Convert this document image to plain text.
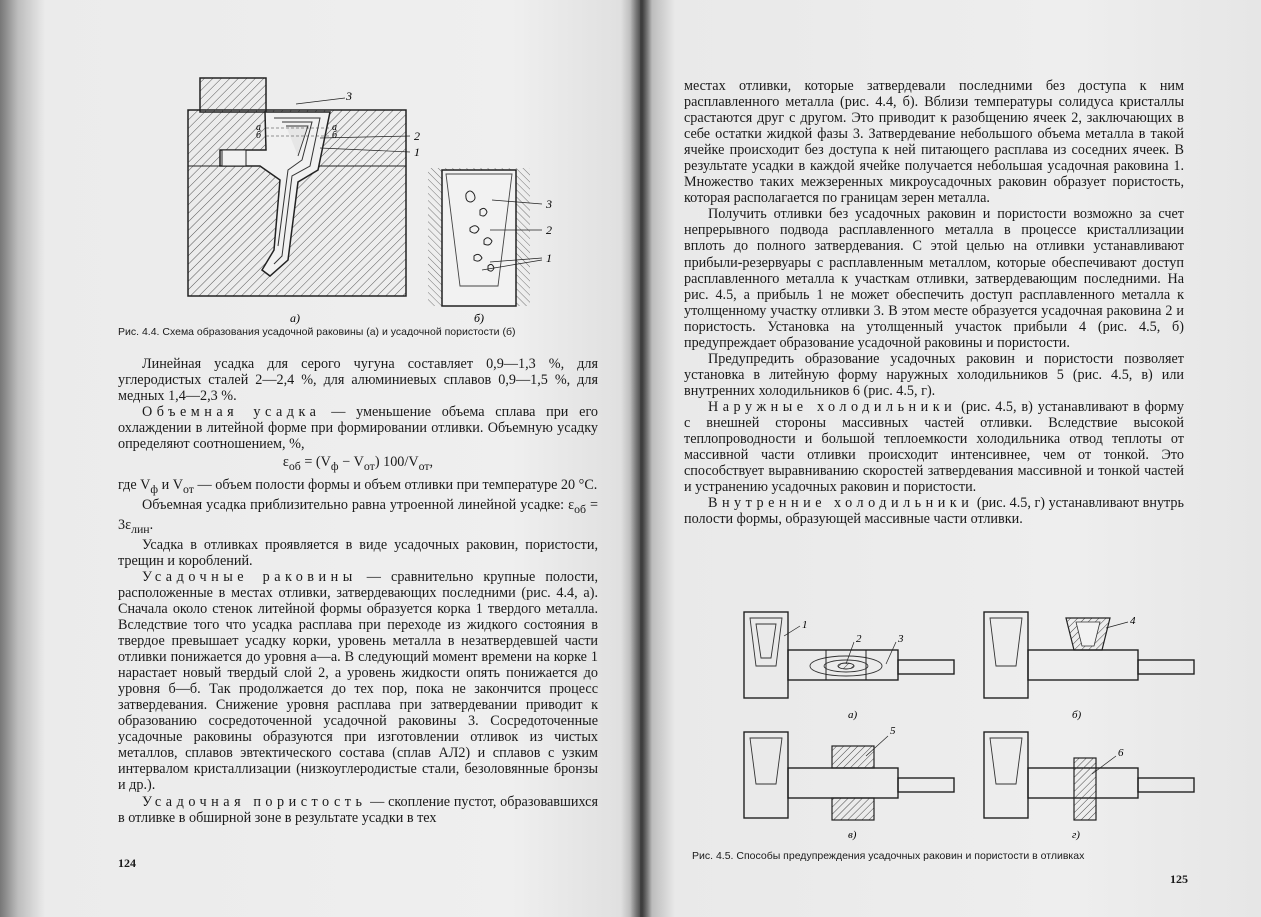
3
а
б
а
б	2
1
3
2
1
а)	б)
Рис. 4.4. Схема образования усадочной раковины (а) и усадочной пористости (б)

Линейная усадка для серого чугуна составляет 0,9—1,3 %, для углеродистых сталей 2—2,4 %, для алюминиевых сплавов 0,9—1,5 %, для медных 1,4—2,3 %.

Объемная усадка — уменьшение объема сплава при его охлаждении в литейной форме при формировании отливки. Объемную усадку определяют соотношением, %,

$\varepsilon_{об} = (V_ф - V_{от})$ $100/V_{от}$,

где $V_ф$ и $V_{от}$ — объем полости формы и объем отливки при температуре 20 °C.

Объемная усадка приблизительно равна утроенной линейной усадке: $\varepsilon_{об} = 3\varepsilon_{лин}$.

Усадка в отливках проявляется в виде усадочных раковин, пористости, трещин и короблений.

Усадочные раковины — сравнительно крупные полости, расположенные в местах отливки, затвердевающих последними (рис. 4.4, а). Сначала около стенок литейной формы образуется корка 1 твердого металла. Вследствие того что усадка расплава при переходе из жидкого состояния в твердое превышает усадку корки, уровень металла в незатвердевшей части отливки понижается до уровня а—а. В следующий момент времени на корке 1 нарастает новый твердый слой 2, а уровень жидкости опять понижается до уровня б—б. Так продолжается до тех пор, пока не закончится процесс затвердевания. Снижение уровня расплава при затвердевании приводит к образованию сосредоточенной усадочной раковины 3. Сосредоточенные усадочные раковины образуются при изготовлении отливок из чистых металлов, сплавов эвтектического состава (сплав АЛ2) и сплавов с узким интервалом кристаллизации (низкоуглеродистые стали, безоловянные бронзы и др.).

Усадочная пористость — скопление пустот, образовавшихся в отливке в обширной зоне в результате усадки в тех

124

местах отливки, которые затвердевали последними без доступа к ним расплавленного металла (рис. 4.4, б). Вблизи температуры солидуса кристаллы срастаются друг с другом. Это приводит к разобщению ячеек 2, заключающих в себе остатки жидкой фазы 3. Затвердевание небольшого объема металла в такой ячейке происходит без доступа к ней питающего расплава из соседних ячеек. В результате усадки в каждой ячейке получается небольшая усадочная раковина 1. Множество таких межзеренных микроусадочных раковин образует пористость, которая располагается по границам зерен металла.

Получить отливки без усадочных раковин и пористости возможно за счет непрерывного подвода расплавленного металла в процессе кристаллизации вплоть до полного затвердевания. С этой целью на отливки устанавливают прибыли-резервуары с расплавленным металлом, которые обеспечивают доступ расплавленного металла к участкам отливки, затвердевающим последними. На рис. 4.5, а прибыль 1 не может обеспечить доступ расплавленного металла к утолщенному участку отливки 3. В этом месте образуется усадочная раковина 2 и пористость. Установка на утолщенный участок прибыли 4 (рис. 4.5, б) предупреждает образование усадочной раковины и пористости.

Предупредить образование усадочных раковин и пористости позволяет установка в литейную форму наружных холодильников 5 (рис. 4.5, в) или внутренних холодильников 6 (рис. 4.5, г).

Наружные холодильники (рис. 4.5, в) устанавливают в форму с внешней стороны массивных частей отливки. Вследствие высокой теплопроводности и большой теплоемкости холодильника отвод теплоты от массивной части отливки происходит интенсивнее, чем от тонкой. Это способствует выравниванию скоростей затвердевания массивной и тонкой частей и устранению усадочных раковин и пористости.

Внутренние холодильники (рис. 4.5, г) устанавливают внутрь полости формы, образующей массивные части отливки.

1
2	3
а)
4
б)
5
в)
6
г)
Рис. 4.5. Способы предупреждения усадочных раковин и пористости в отливках
125
